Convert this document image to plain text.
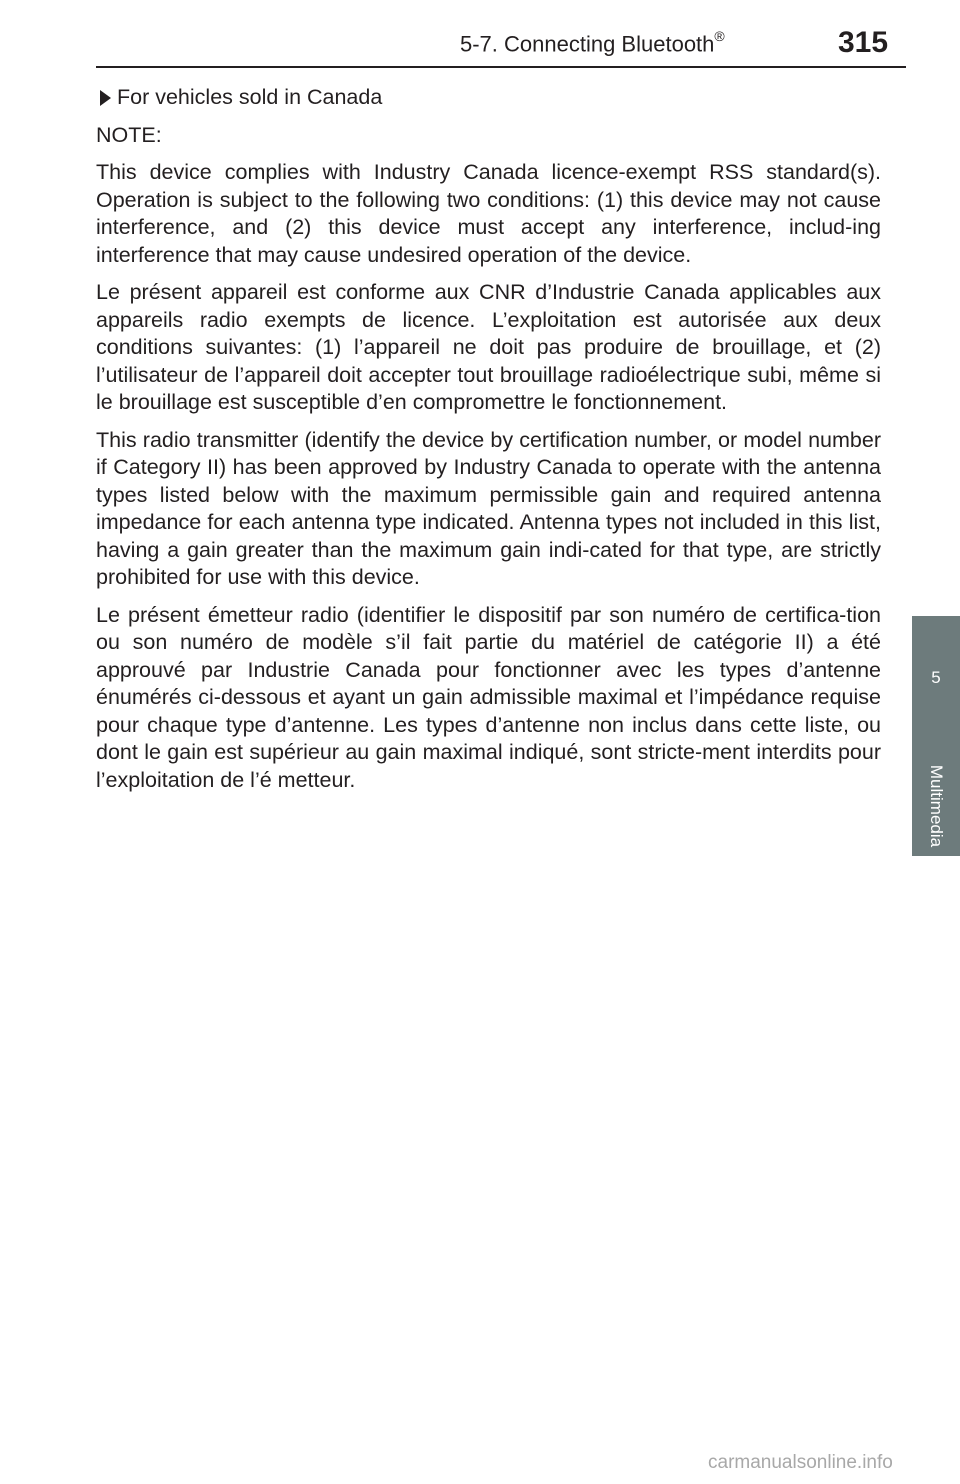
5-7. Connecting Bluetooth®	315
5
Multimedia
For vehicles sold in Canada

NOTE:

This device complies with Industry Canada licence-exempt RSS standard(s). Operation is subject to the following two conditions: (1) this device may not cause interference, and (2) this device must accept any interference, includ-ing interference that may cause undesired operation of the device.

Le présent appareil est conforme aux CNR d’Industrie Canada applicables aux appareils radio exempts de licence. L’exploitation est autorisée aux deux conditions suivantes: (1) l’appareil ne doit pas produire de brouillage, et (2) l’utilisateur de l’appareil doit accepter tout brouillage radioélectrique subi, même si le brouillage est susceptible d’en compromettre le fonctionnement.

This radio transmitter (identify the device by certification number, or model number if Category II) has been approved by Industry Canada to operate with the antenna types listed below with the maximum permissible gain and required antenna impedance for each antenna type indicated. Antenna types not included in this list, having a gain greater than the maximum gain indi-cated for that type, are strictly prohibited for use with this device.

Le présent émetteur radio (identifier le dispositif par son numéro de certifica-tion ou son numéro de modèle s’il fait partie du matériel de catégorie II) a été approuvé par Industrie Canada pour fonctionner avec les types d’antenne énumérés ci-dessous et ayant un gain admissible maximal et l’impédance requise pour chaque type d’antenne. Les types d’antenne non inclus dans cette liste, ou dont le gain est supérieur au gain maximal indiqué, sont stricte-ment interdits pour l’exploitation de l’é metteur.

carmanualsonline.info
